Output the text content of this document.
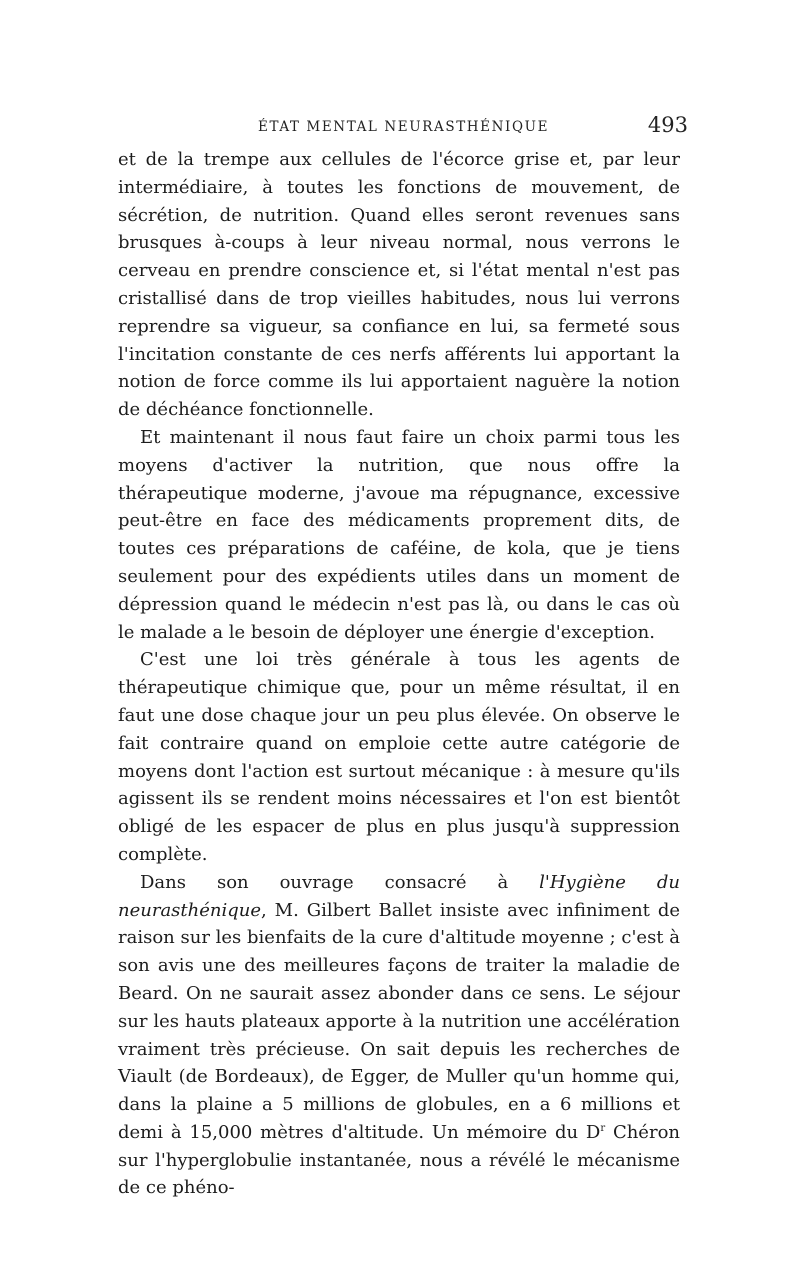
ÉTAT MENTAL NEURASTHÉNIQUE	493

et de la trempe aux cellules de l'écorce grise et, par leur intermédiaire, à toutes les fonctions de mouvement, de sécrétion, de nutrition. Quand elles seront revenues sans brusques à-coups à leur niveau normal, nous verrons le cerveau en prendre conscience et, si l'état mental n'est pas cristallisé dans de trop vieilles habitudes, nous lui verrons reprendre sa vigueur, sa confiance en lui, sa fermeté sous l'incitation constante de ces nerfs afférents lui apportant la notion de force comme ils lui apportaient naguère la notion de déchéance fonctionnelle.

Et maintenant il nous faut faire un choix parmi tous les moyens d'activer la nutrition, que nous offre la thérapeutique moderne, j'avoue ma répugnance, excessive peut-être en face des médicaments proprement dits, de toutes ces préparations de caféine, de kola, que je tiens seulement pour des expédients utiles dans un moment de dépression quand le médecin n'est pas là, ou dans le cas où le malade a le besoin de déployer une énergie d'exception.

C'est une loi très générale à tous les agents de thérapeutique chimique que, pour un même résultat, il en faut une dose chaque jour un peu plus élevée. On observe le fait contraire quand on emploie cette autre catégorie de moyens dont l'action est surtout mécanique : à mesure qu'ils agissent ils se rendent moins nécessaires et l'on est bientôt obligé de les espacer de plus en plus jusqu'à suppression complète.

Dans son ouvrage consacré à l'Hygiène du neurasthénique, M. Gilbert Ballet insiste avec infiniment de raison sur les bienfaits de la cure d'altitude moyenne ; c'est à son avis une des meilleures façons de traiter la maladie de Beard. On ne saurait assez abonder dans ce sens. Le séjour sur les hauts plateaux apporte à la nutrition une accélération vraiment très précieuse. On sait depuis les recherches de Viault (de Bordeaux), de Egger, de Muller qu'un homme qui, dans la plaine a 5 millions de globules, en a 6 millions et demi à 15,000 mètres d'altitude. Un mémoire du $D^r$ Chéron sur l'hyperglobulie instantanée, nous a révélé le mécanisme de ce phéno-
